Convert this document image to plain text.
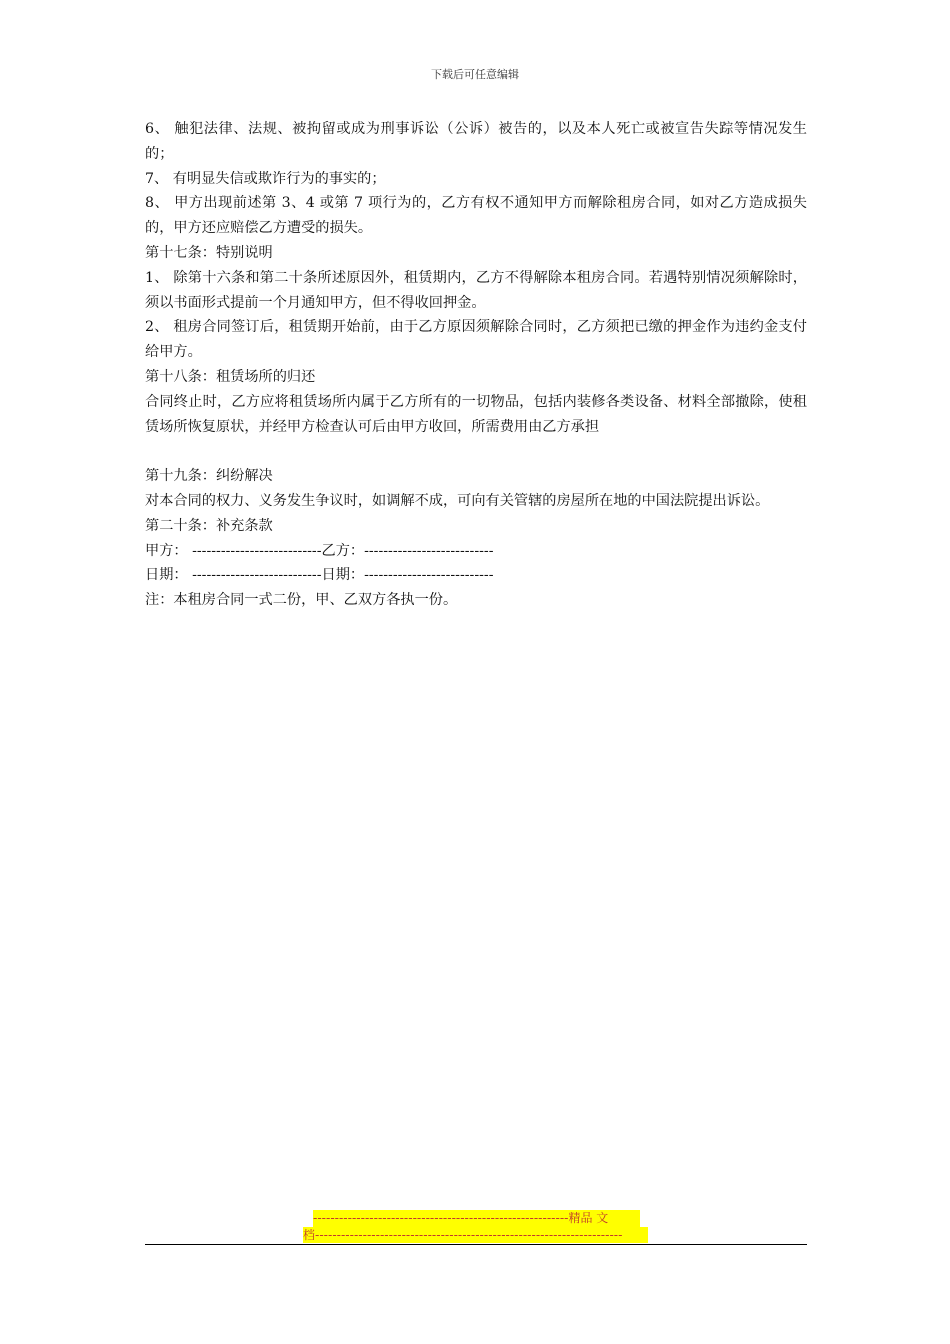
下载后可任意编辑

6、 触犯法律、法规、被拘留或成为刑事诉讼（公诉）被告的，以及本人死亡或被宣告失踪等情况发生的；

7、 有明显失信或欺诈行为的事实的；

8、 甲方出现前述第 3、4 或第 7 项行为的，乙方有权不通知甲方而解除租房合同，如对乙方造成损失的，甲方还应赔偿乙方遭受的损失。

第十七条：特别说明

1、 除第十六条和第二十条所述原因外，租赁期内，乙方不得解除本租房合同。若遇特别情况须解除时，须以书面形式提前一个月通知甲方，但不得收回押金。

2、 租房合同签订后，租赁期开始前，由于乙方原因须解除合同时，乙方须把已缴的押金作为违约金支付给甲方。

第十八条：租赁场所的归还

合同终止时，乙方应将租赁场所内属于乙方所有的一切物品，包括内装修各类设备、材料全部撤除，使租赁场所恢复原状，并经甲方检查认可后由甲方收回，所需费用由乙方承担

第十九条：纠纷解决

对本合同的权力、义务发生争议时，如调解不成，可向有关管辖的房屋所在地的中国法院提出诉讼。

第二十条：补充条款

甲方： ---------------------------乙方：---------------------------

日期： ---------------------------日期：---------------------------

注：本租房合同一式二份，甲、乙双方各执一份。

-----------------------------------------------------------精品 文
档-----------------------------------------------------------------------
